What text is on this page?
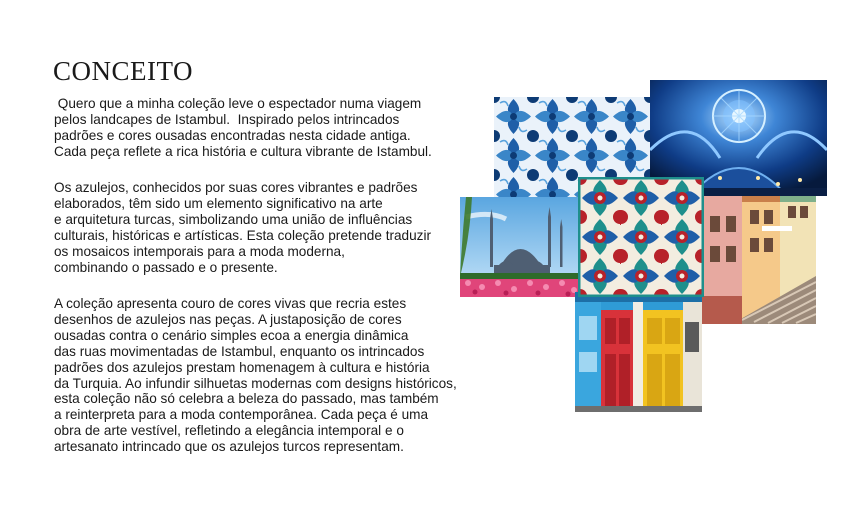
CONCEITO

Quero que a minha coleção leve o espectador numa viagem
pelos landcapes de Istambul.  Inspirado pelos intrincados
padrões e cores ousadas encontradas nesta cidade antiga.
Cada peça reflete a rica história e cultura vibrante de Istambul.

Os azulejos, conhecidos por suas cores vibrantes e padrões
elaborados, têm sido um elemento significativo na arte
e arquitetura turcas, simbolizando uma união de influências
culturais, históricas e artísticas. Esta coleção pretende traduzir
os mosaicos intemporais para a moda moderna,
combinando o passado e o presente.

A coleção apresenta couro de cores vivas que recria estes
desenhos de azulejos nas peças. A justaposição de cores
ousadas contra o cenário simples ecoa a energia dinâmica
das ruas movimentadas de Istambul, enquanto os intrincados
padrões dos azulejos prestam homenagem à cultura e história
da Turquia. Ao infundir silhuetas modernas com designs históricos,
esta coleção não só celebra a beleza do passado, mas também
a reinterpreta para a moda contemporânea. Cada peça é uma
obra de arte vestível, refletindo a elegância intemporal e o
artesanato intrincado que os azulejos turcos representam.
